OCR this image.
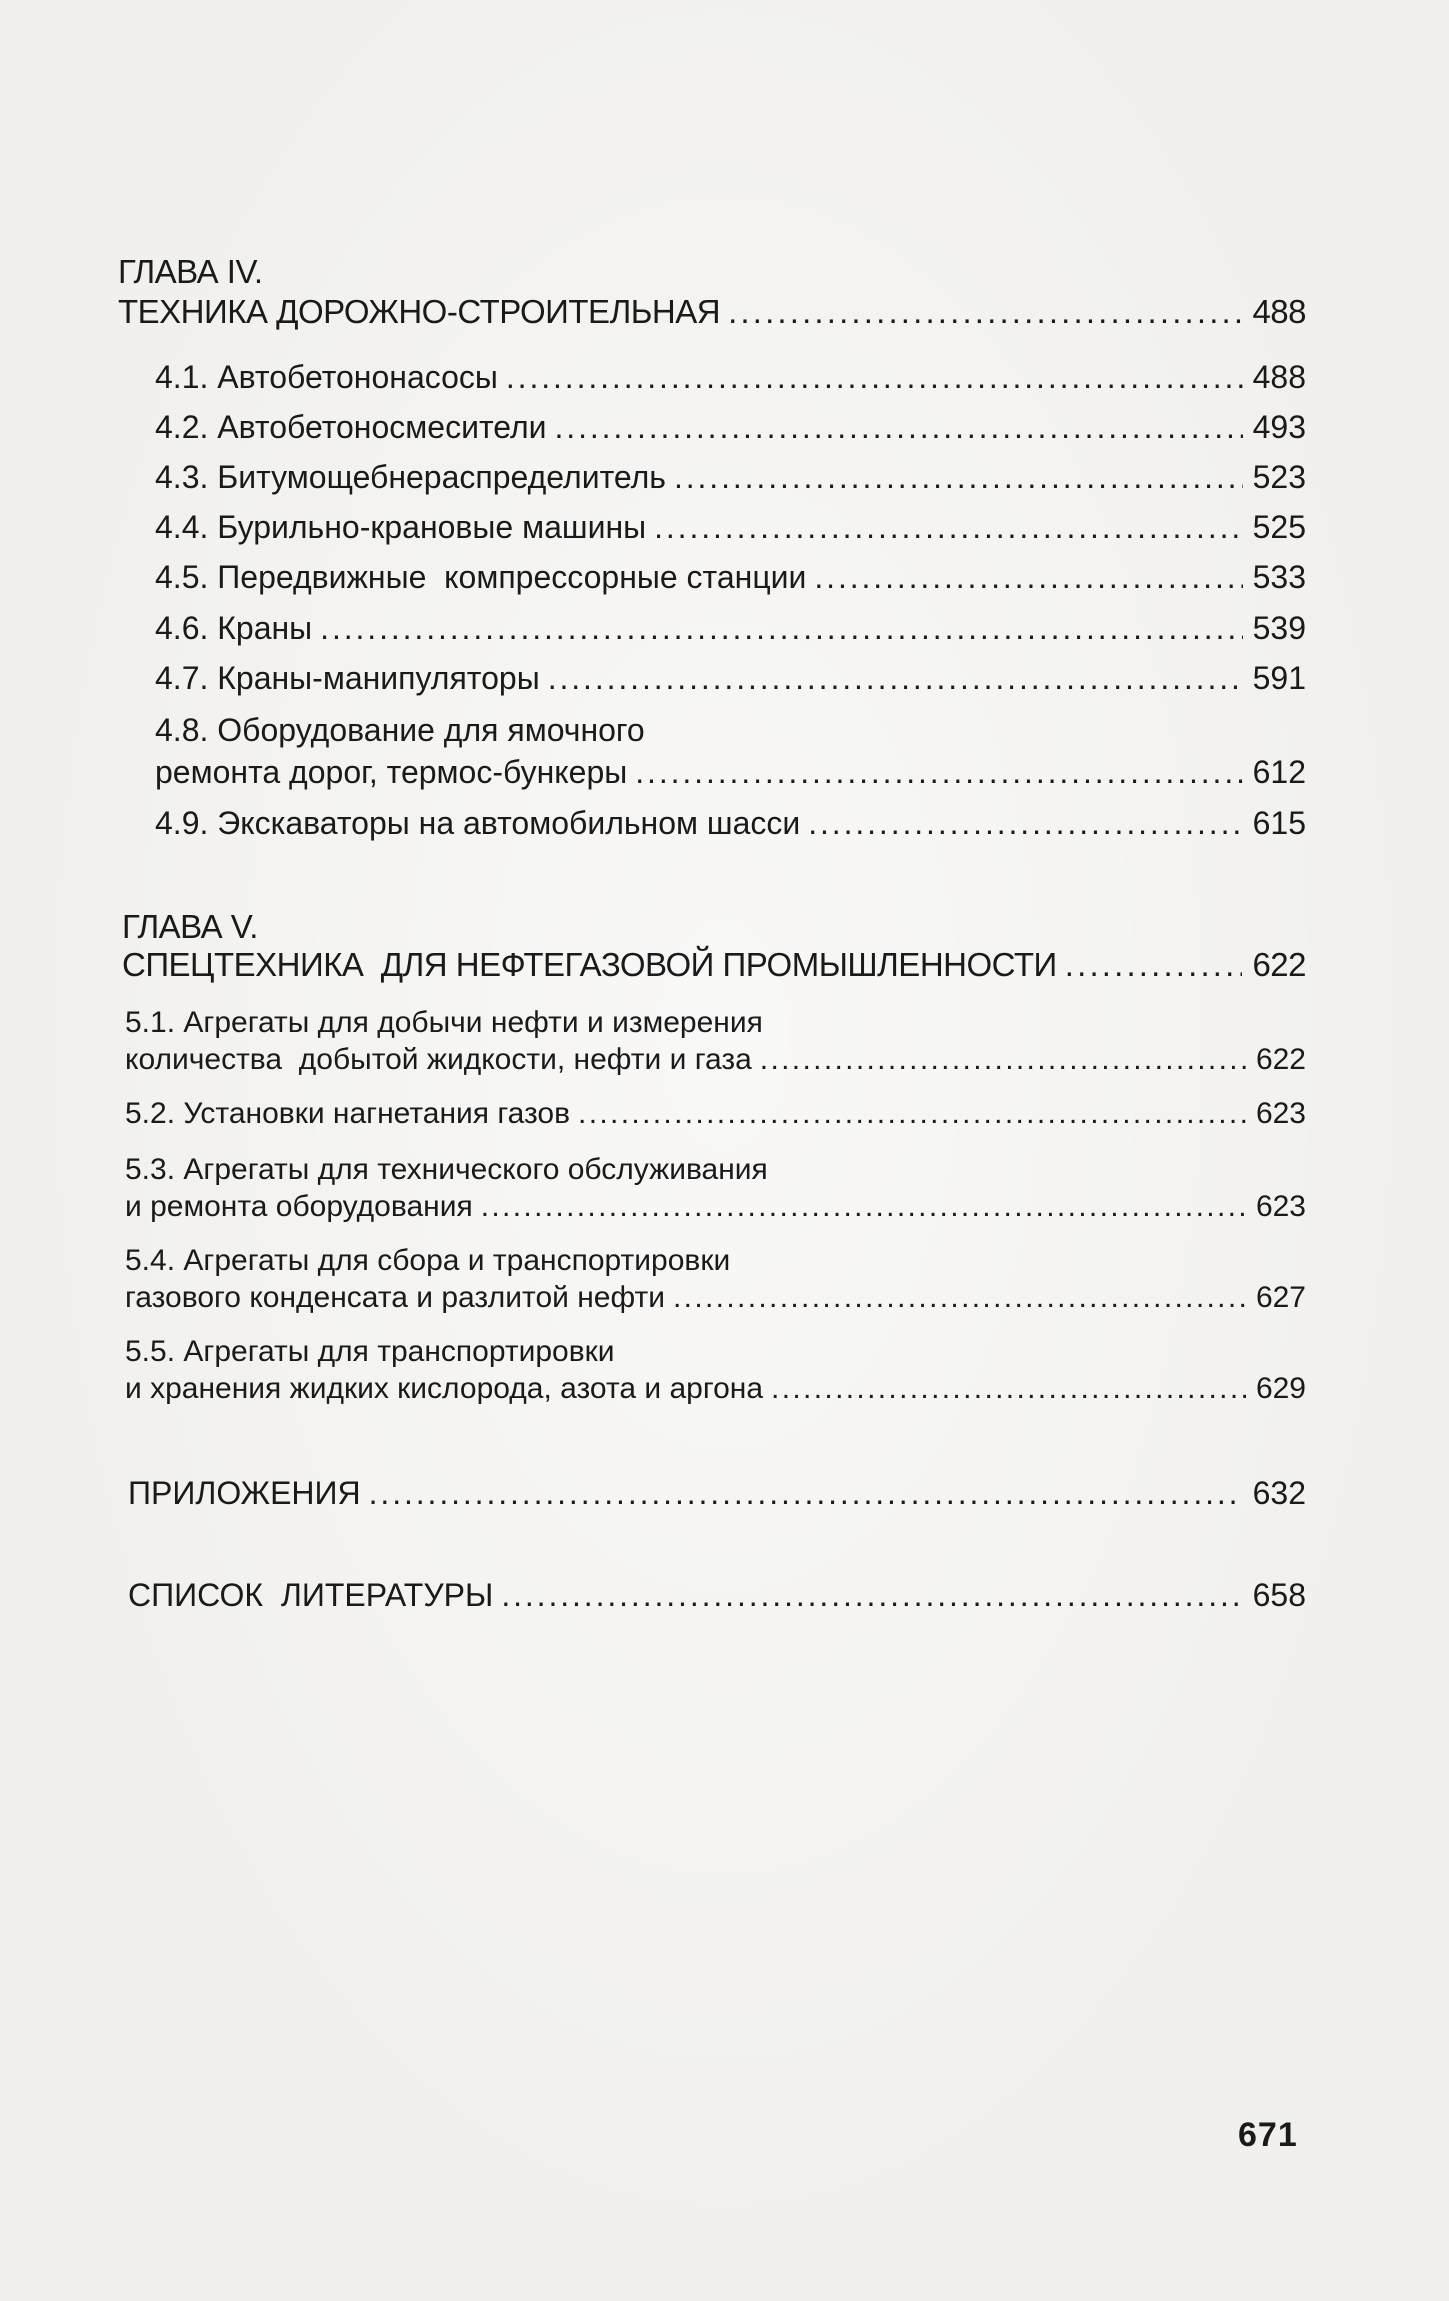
ГЛАВА IV.
ТЕХНИКА ДОРОЖНО-СТРОИТЕЛЬНАЯ . . .	488
4.1. Автобетононасосы . . .	488
4.2. Автобетоносмесители . . .	493
4.3. Битумощебнераспределитель . . .	523
4.4. Бурильно-крановые машины . . .	525
4.5. Передвижные  компрессорные станции . . .	533
4.6. Краны . . .	539
4.7. Краны-манипуляторы . . .	591
4.8. Оборудование для ямочного
ремонта дорог, термос-бункеры . . .	612
4.9. Экскаваторы на автомобильном шасси . . .	615
ГЛАВА V.
СПЕЦТЕХНИКА  ДЛЯ НЕФТЕГАЗОВОЙ ПРОМЫШЛЕННОСТИ . . .	622
5.1. Агрегаты для добычи нефти и измерения
количества  добытой жидкости, нефти и газа . . .	622
5.2. Установки нагнетания газов . . .	623
5.3. Агрегаты для технического обслуживания
и ремонта оборудования . . .	623
5.4. Агрегаты для сбора и транспортировки
газового конденсата и разлитой нефти . . .	627
5.5. Агрегаты для транспортировки
и хранения жидких кислорода, азота и аргона . . .	629
ПРИЛОЖЕНИЯ . . .	632
СПИСОК  ЛИТЕРАТУРЫ . . .	658
671
